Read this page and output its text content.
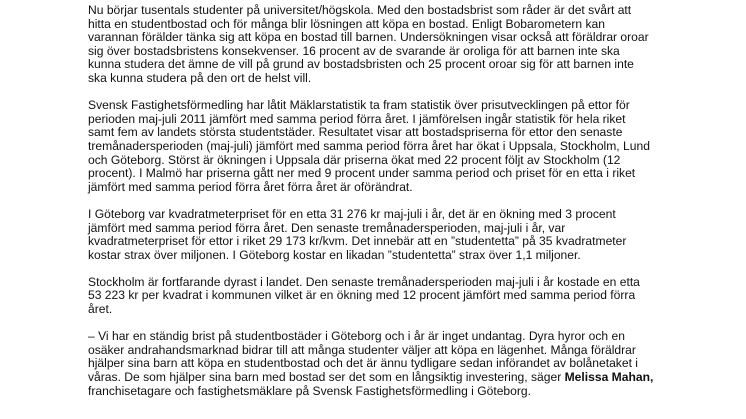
Nu börjar tusentals studenter på universitet/högskola. Med den bostadsbrist som råder är det svårt att
hitta en studentbostad och för många blir lösningen att köpa en bostad. Enligt Bobarometern kan
varannan förälder tänka sig att köpa en bostad till barnen. Undersökningen visar också att föräldrar oroar
sig över bostadsbristens konsekvenser. 16 procent av de svarande är oroliga för att barnen inte ska
kunna studera det ämne de vill på grund av bostadsbristen och 25 procent oroar sig för att barnen inte
ska kunna studera på den ort de helst vill.

Svensk Fastighetsförmedling har låtit Mäklarstatistik ta fram statistik över prisutvecklingen på ettor för
perioden maj-juli 2011 jämfört med samma period förra året. I jämförelsen ingår statistik för hela riket
samt fem av landets största studentstäder. Resultatet visar att bostadspriserna för ettor den senaste
tremånadersperioden (maj-juli) jämfört med samma period förra året har ökat i Uppsala, Stockholm, Lund
och Göteborg. Störst är ökningen i Uppsala där priserna ökat med 22 procent följt av Stockholm (12
procent). I Malmö har priserna gått ner med 9 procent under samma period och priset för en etta i riket
jämfört med samma period förra året förra året är oförändrat.

I Göteborg var kvadratmeterpriset för en etta 31 276 kr maj-juli i år, det är en ökning med 3 procent
jämfört med samma period förra året. Den senaste tremånadersperioden, maj-juli i år, var
kvadratmeterpriset för ettor i riket 29 173 kr/kvm. Det innebär att en ”studentetta” på 35 kvadratmeter
kostar strax över miljonen. I Göteborg kostar en likadan ”studentetta” strax över 1,1 miljoner.

Stockholm är fortfarande dyrast i landet. Den senaste tremånadersperioden maj-juli i år kostade en etta
53 223 kr per kvadrat i kommunen vilket är en ökning med 12 procent jämfört med samma period förra
året.

– Vi har en ständig brist på studentbostäder i Göteborg och i år är inget undantag. Dyra hyror och en
osäker andrahandsmarknad bidrar till att många studenter väljer att köpa en lägenhet. Många föräldrar
hjälper sina barn att köpa en studentbostad och det är ännu tydligare sedan införandet av bolånetaket i
våras. De som hjälper sina barn med bostad ser det som en långsiktig investering, säger Melissa Mahan,
franchisetagare och fastighetsmäklare på Svensk Fastighetsförmedling i Göteborg.
